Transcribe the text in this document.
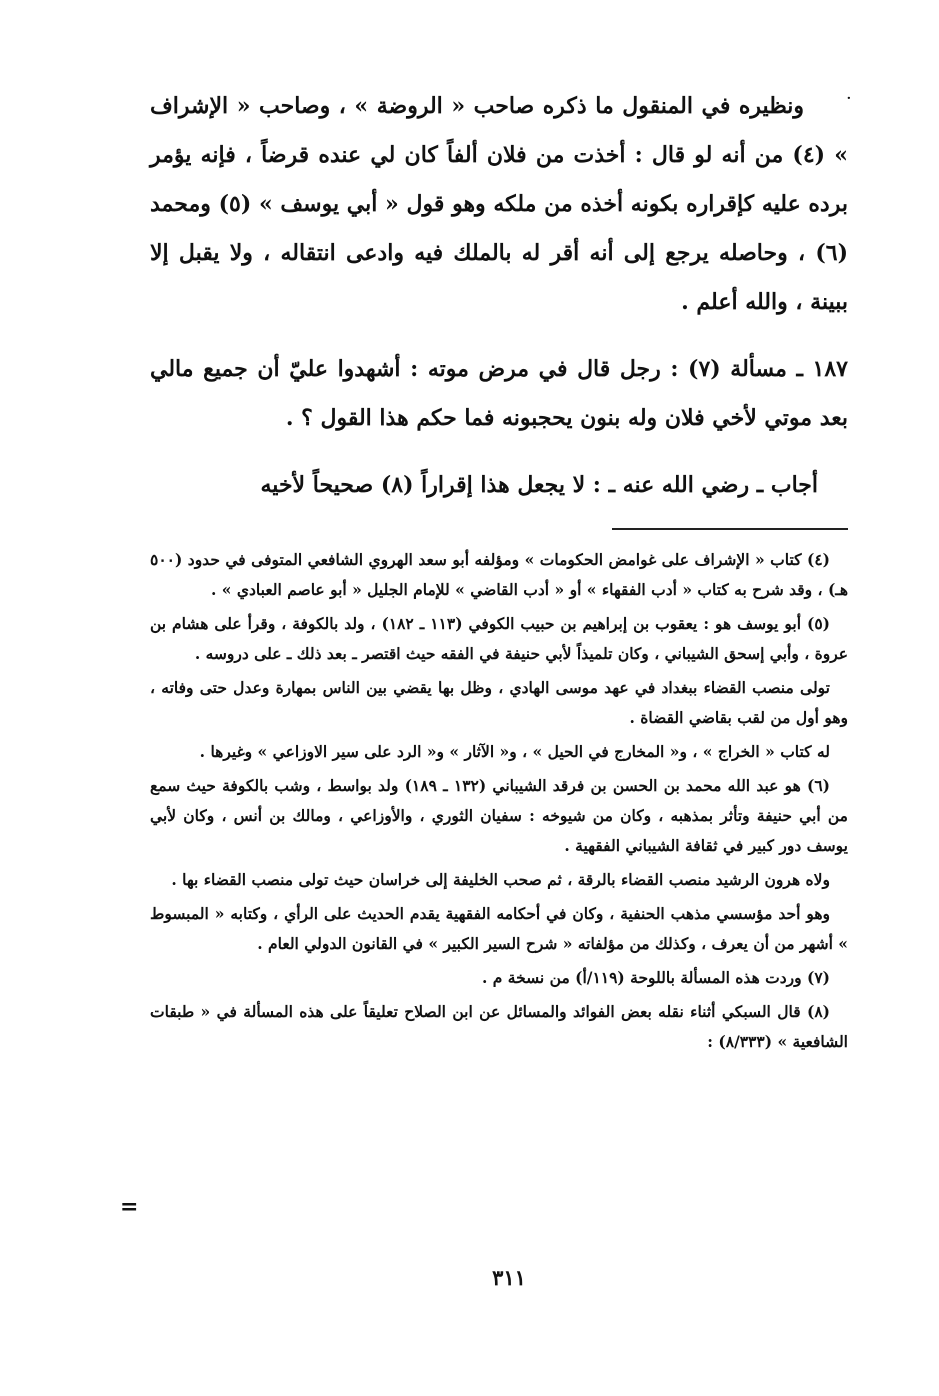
·

ونظيره في المنقول ما ذكره صاحب « الروضة » ، وصاحب « الإشراف » (٤) من أنه لو قال : أخذت من فلان ألفاً كان لي عنده قرضاً ، فإنه يؤمر برده عليه كإقراره بكونه أخذه من ملكه وهو قول « أبي يوسف » (٥) ومحمد (٦) ، وحاصله يرجع إلى أنه أقر له بالملك فيه وادعى انتقاله ، ولا يقبل إلا ببينة ، والله أعلم .

١٨٧ ـ مسألة (٧) : رجل قال في مرض موته : أشهدوا عليّ أن جميع مالي بعد موتي لأخي فلان وله بنون يحجبونه فما حكم هذا القول ؟ .

أجاب ـ رضي الله عنه ـ : لا يجعل هذا إقراراً (٨) صحيحاً لأخيه

(٤) كتاب « الإشراف على غوامض الحكومات » ومؤلفه أبو سعد الهروي الشافعي المتوفى في حدود (٥٠٠ هـ) ، وقد شرح به كتاب « أدب الفقهاء » أو « أدب القاضي » للإمام الجليل « أبو عاصم العبادي » .

(٥) أبو يوسف هو : يعقوب بن إبراهيم بن حبيب الكوفي (١١٣ ـ ١٨٢) ، ولد بالكوفة ، وقرأ على هشام بن عروة ، وأبي إسحق الشيباني ، وكان تلميذاً لأبي حنيفة في الفقه حيث اقتصر ـ بعد ذلك ـ على دروسه .

تولى منصب القضاء ببغداد في عهد موسى الهادي ، وظل بها يقضي بين الناس بمهارة وعدل حتى وفاته ، وهو أول من لقب بقاضي القضاة .

له كتاب « الخراج » ، و« المخارج في الحيل » ، و« الآثار » و« الرد على سير الاوزاعي » وغيرها .

(٦) هو عبد الله محمد بن الحسن بن فرقد الشيباني (١٣٢ ـ ١٨٩) ولد بواسط ، وشب بالكوفة حيث سمع من أبي حنيفة وتأثر بمذهبه ، وكان من شيوخه : سفيان الثوري ، والأوزاعي ، ومالك بن أنس ، وكان لأبي يوسف دور كبير في ثقافة الشيباني الفقهية .

ولاه هرون الرشيد منصب القضاء بالرقة ، ثم صحب الخليفة إلى خراسان حيث تولى منصب القضاء بها .

وهو أحد مؤسسي مذهب الحنفية ، وكان في أحكامه الفقهية يقدم الحديث على الرأي ، وكتابه « المبسوط » أشهر من أن يعرف ، وكذلك من مؤلفاته « شرح السير الكبير » في القانون الدولي العام .

(٧) وردت هذه المسألة باللوحة (١١٩/أ) من نسخة م .

(٨) قال السبكي أثناء نقله بعض الفوائد والمسائل عن ابن الصلاح تعليقاً على هذه المسألة في « طبقات الشافعية » (٨/٣٣٣) :

=
٣١١
